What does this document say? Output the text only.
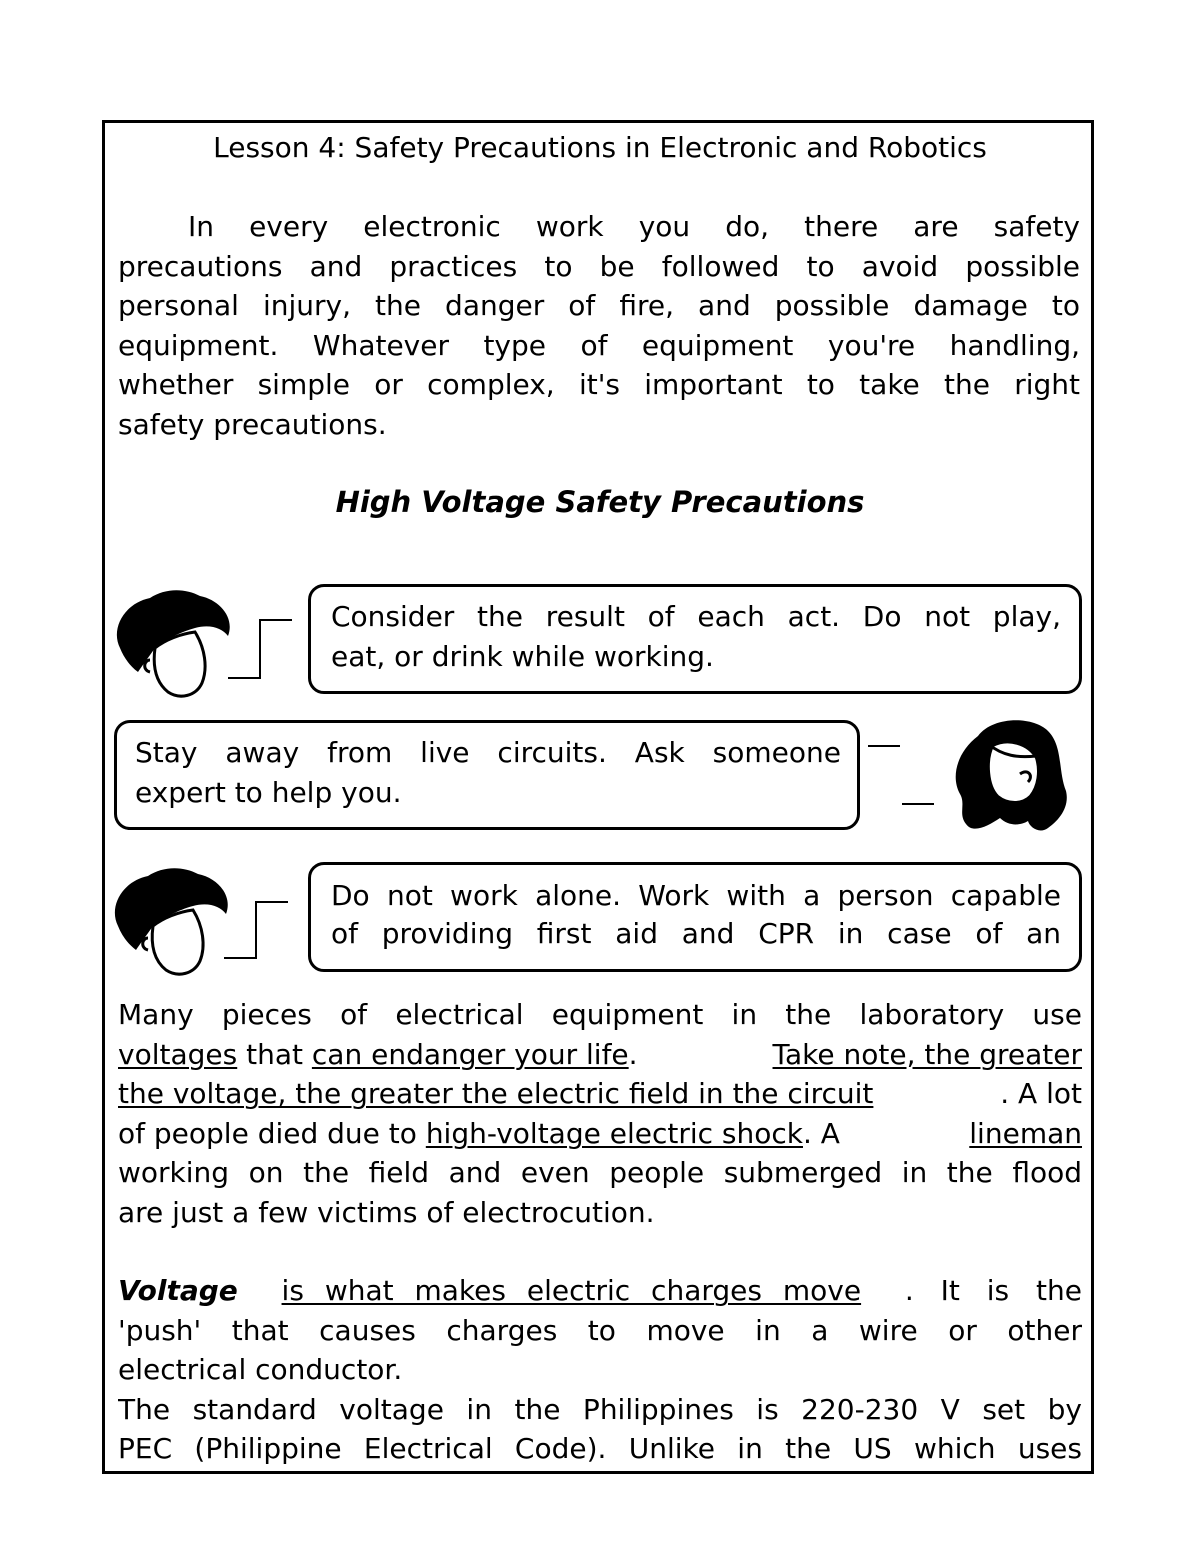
Lesson 4: Safety Precautions in Electronic and Robotics
In every electronic work you do, there are safety
precautions and practices to be followed to avoid possible
personal injury, the danger of fire, and possible damage to
equipment. Whatever type of equipment you're handling,
whether simple or complex, it's important to take the right
safety precautions.
High Voltage Safety Precautions
Consider the result of each act. Do not play,
eat, or drink while working.
Stay away from live circuits. Ask someone
expert to help you.
Do not work alone. Work with a person capable
of providing first aid and CPR in case of an
Many pieces of electrical equipment in the laboratory use
voltages that can endanger your life.	Take note, the greater
the voltage, the greater the electric field in the circuit	. A lot
of people died due to high-voltage electric shock. A	lineman
working on the field and even people submerged in the flood
are just a few victims of electrocution.
Voltage is what makes electric charges move . It is the
'push' that causes charges to move in a wire or other
electrical conductor.
The standard voltage in the Philippines is 220-230 V set by
PEC (Philippine Electrical Code). Unlike in the US which uses
